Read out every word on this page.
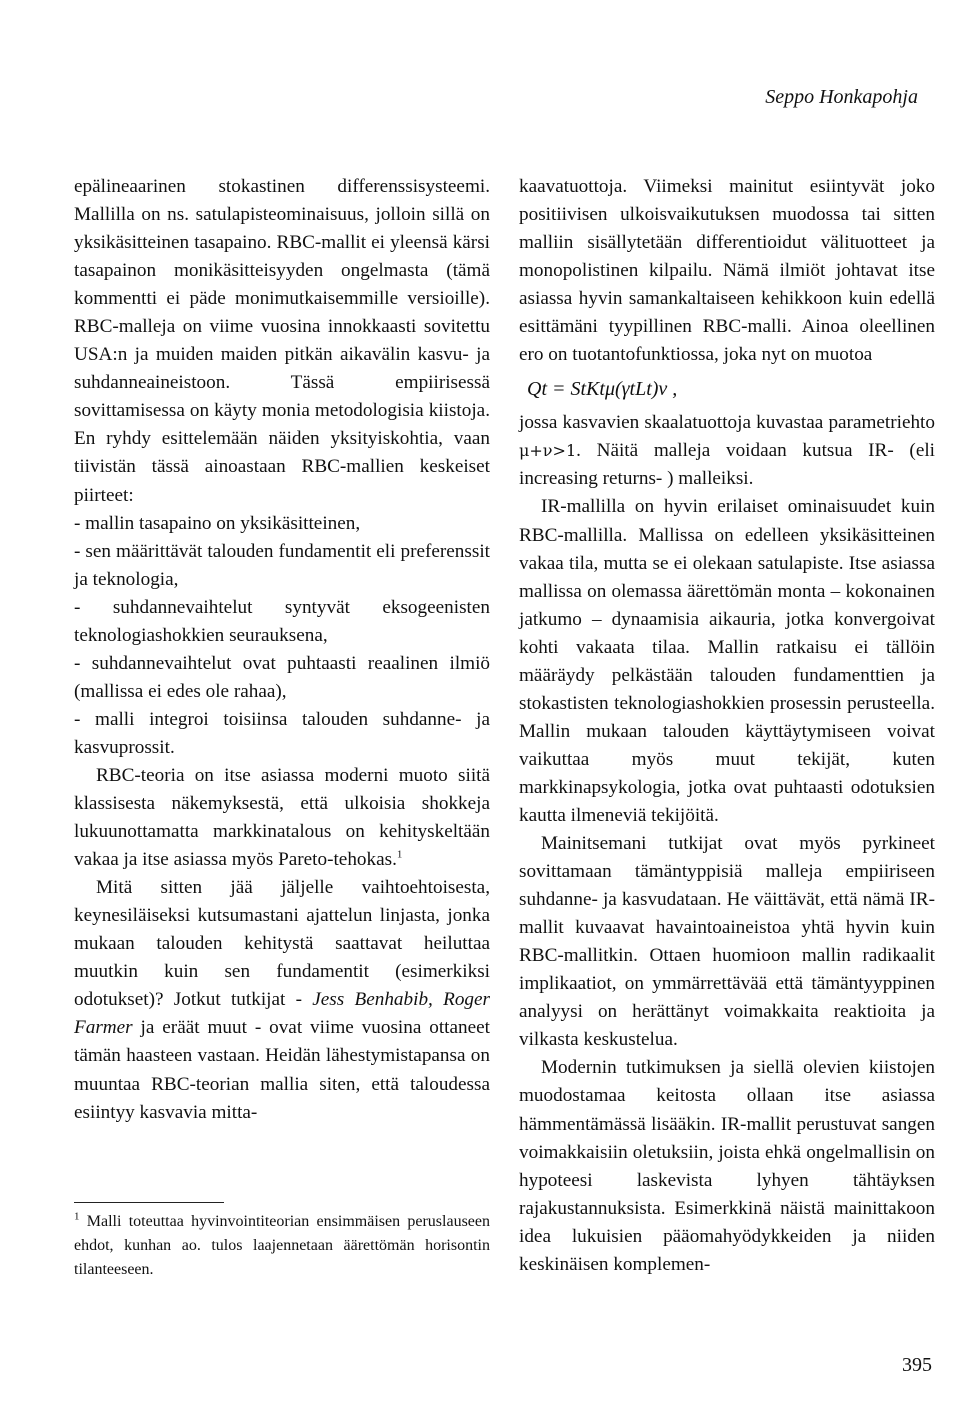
Seppo Honkapohja

epälineaarinen stokastinen differenssisysteemi. Mallilla on ns. satulapisteominaisuus, jolloin sillä on yksikäsitteinen tasapaino. RBC-mallit ei yleensä kärsi tasapainon monikäsitteisyyden ongelmasta (tämä kommentti ei päde monimutkaisemmille versioille). RBC-malleja on viime vuosina innokkaasti sovitettu USA:n ja muiden maiden pitkän aikavälin kasvu- ja suhdanneaineistoon. Tässä empiirisessä sovittamisessa on käyty monia metodologisia kiistoja. En ryhdy esittelemään näiden yksityiskohtia, vaan tiivistän tässä ainoastaan RBC-mallien keskeiset piirteet:

- mallin tasapaino on yksikäsitteinen,

- sen määrittävät talouden fundamentit eli preferenssit ja teknologia,

- suhdannevaihtelut syntyvät eksogeenisten teknologiashokkien seurauksena,

- suhdannevaihtelut ovat puhtaasti reaalinen ilmiö (mallissa ei edes ole rahaa),

- malli integroi toisiinsa talouden suhdanne- ja kasvuprossit.

RBC-teoria on itse asiassa moderni muoto siitä klassisesta näkemyksestä, että ulkoisia shokkeja lukuunottamatta markkinatalous on kehityskeltään vakaa ja itse asiassa myös Pareto-tehokas.$^1$

Mitä sitten jää jäljelle vaihtoehtoisesta, keynesiläiseksi kutsumastani ajattelun linjasta, jonka mukaan talouden kehitystä saattavat heiluttaa muutkin kuin sen fundamentit (esimerkiksi odotukset)? Jotkut tutkijat - Jess Benhabib, Roger Farmer ja eräät muut - ovat viime vuosina ottaneet tämän haasteen vastaan. Heidän lähestymistapansa on muuntaa RBC-teorian mallia siten, että taloudessa esiintyy kasvavia mitta-

kaavatuottoja. Viimeksi mainitut esiintyvät joko positiivisen ulkoisvaikutuksen muodossa tai sitten malliin sisällytetään differentioidut välituotteet ja monopolistinen kilpailu. Nämä ilmiöt johtavat itse asiassa hyvin samankaltaiseen kehikkoon kuin edellä esittämäni tyypillinen RBC-malli. Ainoa oleellinen ero on tuotantofunktiossa, joka nyt on muotoa

Qt = StKtμ(γtLt)ν ,

jossa kasvavien skaalatuottoja kuvastaa parametriehto μ+ν>1. Näitä malleja voidaan kutsua IR- (eli increasing returns- ) malleiksi.

IR-mallilla on hyvin erilaiset ominaisuudet kuin RBC-mallilla. Mallissa on edelleen yksikäsitteinen vakaa tila, mutta se ei olekaan satulapiste. Itse asiassa mallissa on olemassa äärettömän monta – kokonainen jatkumo – dynaamisia aikauria, jotka konvergoivat kohti vakaata tilaa. Mallin ratkaisu ei tällöin määräydy pelkästään talouden fundamenttien ja stokastisten teknologiashokkien prosessin perusteella. Mallin mukaan talouden käyttäytymiseen voivat vaikuttaa myös muut tekijät, kuten markkinapsykologia, jotka ovat puhtaasti odotuksien kautta ilmeneviä tekijöitä.

Mainitsemani tutkijat ovat myös pyrkineet sovittamaan tämäntyppisiä malleja empiiriseen suhdanne- ja kasvudataan. He väittävät, että nämä IR-mallit kuvaavat havaintoaineistoa yhtä hyvin kuin RBC-mallitkin. Ottaen huomioon mallin radikaalit implikaatiot, on ymmärrettävää että tämäntyyppinen analyysi on herättänyt voimakkaita reaktioita ja vilkasta keskustelua.

Modernin tutkimuksen ja siellä olevien kiistojen muodostamaa keitosta ollaan itse asiassa hämmentämässä lisääkin. IR-mallit perustuvat sangen voimakkaisiin oletuksiin, joista ehkä ongelmallisin on hypoteesi laskevista lyhyen tähtäyksen rajakustannuksista. Esimerkkinä näistä mainittakoon idea lukuisien pääomahyödykkeiden ja niiden keskinäisen komplemen-

$^1$ Malli toteuttaa hyvinvointiteorian ensimmäisen peruslauseen ehdot, kunhan ao. tulos laajennetaan äärettömän horisontin tilanteeseen.
395
